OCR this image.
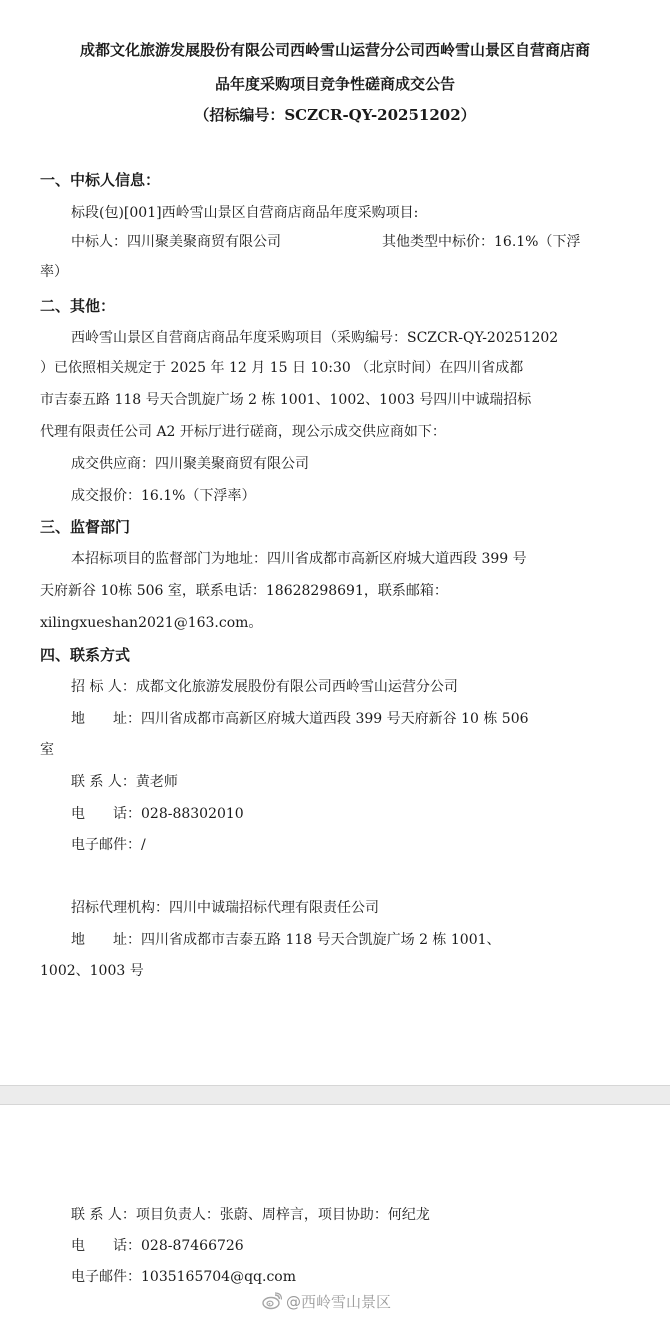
成都文化旅游发展股份有限公司西岭雪山运营分公司西岭雪山景区自营商店商
品年度采购项目竞争性磋商成交公告
（招标编号：SCZCR-QY-20251202）
一、中标人信息：
标段(包)[001]西岭雪山景区自营商店商品年度采购项目:
中标人：四川聚美聚商贸有限公司	其他类型中标价：16.1%（下浮
率）
二、其他：
西岭雪山景区自营商店商品年度采购项目（采购编号：SCZCR-QY-20251202
）已依照相关规定于 2025 年 12 月 15 日 10:30 （北京时间）在四川省成都
市吉泰五路 118 号天合凯旋广场 2 栋 1001、1002、1003 号四川中诚瑞招标
代理有限责任公司 A2 开标厅进行磋商，现公示成交供应商如下：
成交供应商：四川聚美聚商贸有限公司
成交报价：16.1%（下浮率）
三、监督部门
本招标项目的监督部门为地址：四川省成都市高新区府城大道西段 399 号
天府新谷 10栋 506 室，联系电话：18628298691，联系邮箱：
xilingxueshan2021@163.com。
四、联系方式
招 标 人：成都文化旅游发展股份有限公司西岭雪山运营分公司
地　　址：四川省成都市高新区府城大道西段 399 号天府新谷 10 栋 506
室
联 系 人：黄老师
电　　话：028-88302010
电子邮件：/
招标代理机构：四川中诚瑞招标代理有限责任公司
地　　址：四川省成都市吉泰五路 118 号天合凯旋广场 2 栋 1001、
1002、1003 号
联 系 人：项目负责人：张蔚、周梓言，项目协助：何纪龙
电　　话：028-87466726
电子邮件：1035165704@qq.com
@西岭雪山景区
